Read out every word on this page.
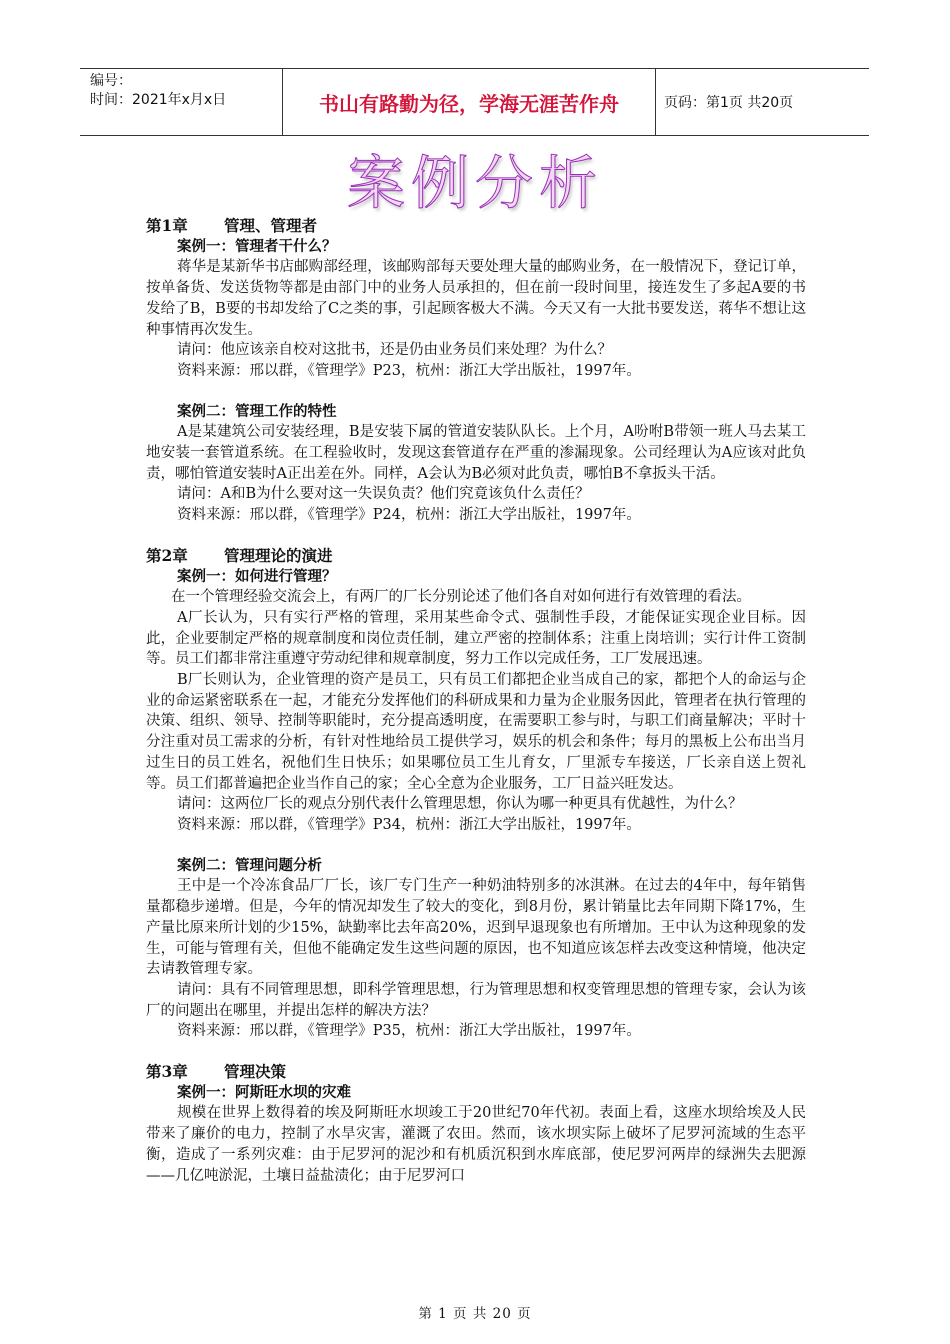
编号：
时间：2021年x月x日	书山有路勤为径，学海无涯苦作舟	页码：第1页 共20页
案例分析

第1章 管理、管理者

案例一：管理者干什么？

蒋华是某新华书店邮购部经理，该邮购部每天要处理大量的邮购业务，在一般情况下，登记订单，按单备货、发送货物等都是由部门中的业务人员承担的，但在前一段时间里，接连发生了多起A要的书发给了B，B要的书却发给了C之类的事，引起顾客极大不满。今天又有一大批书要发送，蒋华不想让这种事情再次发生。

请问：他应该亲自校对这批书，还是仍由业务员们来处理？为什么？

资料来源：邢以群，《管理学》P23，杭州：浙江大学出版社，1997年。

案例二：管理工作的特性

A是某建筑公司安装经理，B是安装下属的管道安装队队长。上个月，A吩咐B带领一班人马去某工地安装一套管道系统。在工程验收时，发现这套管道存在严重的渗漏现象。公司经理认为A应该对此负责，哪怕管道安装时A正出差在外。同样，A会认为B必须对此负责，哪怕B不拿扳头干活。

请问：A和B为什么要对这一失误负责？他们究竟该负什么责任？

资料来源：邢以群，《管理学》P24，杭州：浙江大学出版社，1997年。

第2章 管理理论的演进

案例一：如何进行管理？

在一个管理经验交流会上，有两厂的厂长分别论述了他们各自对如何进行有效管理的看法。

A厂长认为，只有实行严格的管理，采用某些命令式、强制性手段，才能保证实现企业目标。因此，企业要制定严格的规章制度和岗位责任制，建立严密的控制体系；注重上岗培训；实行计件工资制等。员工们都非常注重遵守劳动纪律和规章制度，努力工作以完成任务，工厂发展迅速。

B厂长则认为，企业管理的资产是员工，只有员工们都把企业当成自己的家，都把个人的命运与企业的命运紧密联系在一起，才能充分发挥他们的科研成果和力量为企业服务因此，管理者在执行管理的决策、组织、领导、控制等职能时，充分提高透明度，在需要职工参与时，与职工们商量解决；平时十分注重对员工需求的分析，有针对性地给员工提供学习，娱乐的机会和条件；每月的黑板上公布出当月过生日的员工姓名，祝他们生日快乐；如果哪位员工生儿育女，厂里派专车接送，厂长亲自送上贺礼等。员工们都普遍把企业当作自己的家；全心全意为企业服务，工厂日益兴旺发达。

请问：这两位厂长的观点分别代表什么管理思想，你认为哪一种更具有优越性，为什么？

资料来源：邢以群，《管理学》P34，杭州：浙江大学出版社，1997年。

案例二：管理问题分析

王中是一个冷冻食品厂厂长，该厂专门生产一种奶油特别多的冰淇淋。在过去的4年中，每年销售量都稳步递增。但是，今年的情况却发生了较大的变化，到8月份，累计销量比去年同期下降17%，生产量比原来所计划的少15%，缺勤率比去年高20%，迟到早退现象也有所增加。王中认为这种现象的发生，可能与管理有关，但他不能确定发生这些问题的原因，也不知道应该怎样去改变这种情境，他决定去请教管理专家。

请问：具有不同管理思想，即科学管理思想，行为管理思想和权变管理思想的管理专家，会认为该厂的问题出在哪里，并提出怎样的解决方法？

资料来源：邢以群，《管理学》P35，杭州：浙江大学出版社，1997年。

第3章 管理决策

案例一：阿斯旺水坝的灾难

规模在世界上数得着的埃及阿斯旺水坝竣工于20世纪70年代初。表面上看，这座水坝给埃及人民带来了廉价的电力，控制了水旱灾害，灌溉了农田。然而，该水坝实际上破坏了尼罗河流域的生态平衡，造成了一系列灾难：由于尼罗河的泥沙和有机质沉积到水库底部，使尼罗河两岸的绿洲失去肥源——几亿吨淤泥，土壤日益盐渍化；由于尼罗河口

第 1 页 共 20 页
